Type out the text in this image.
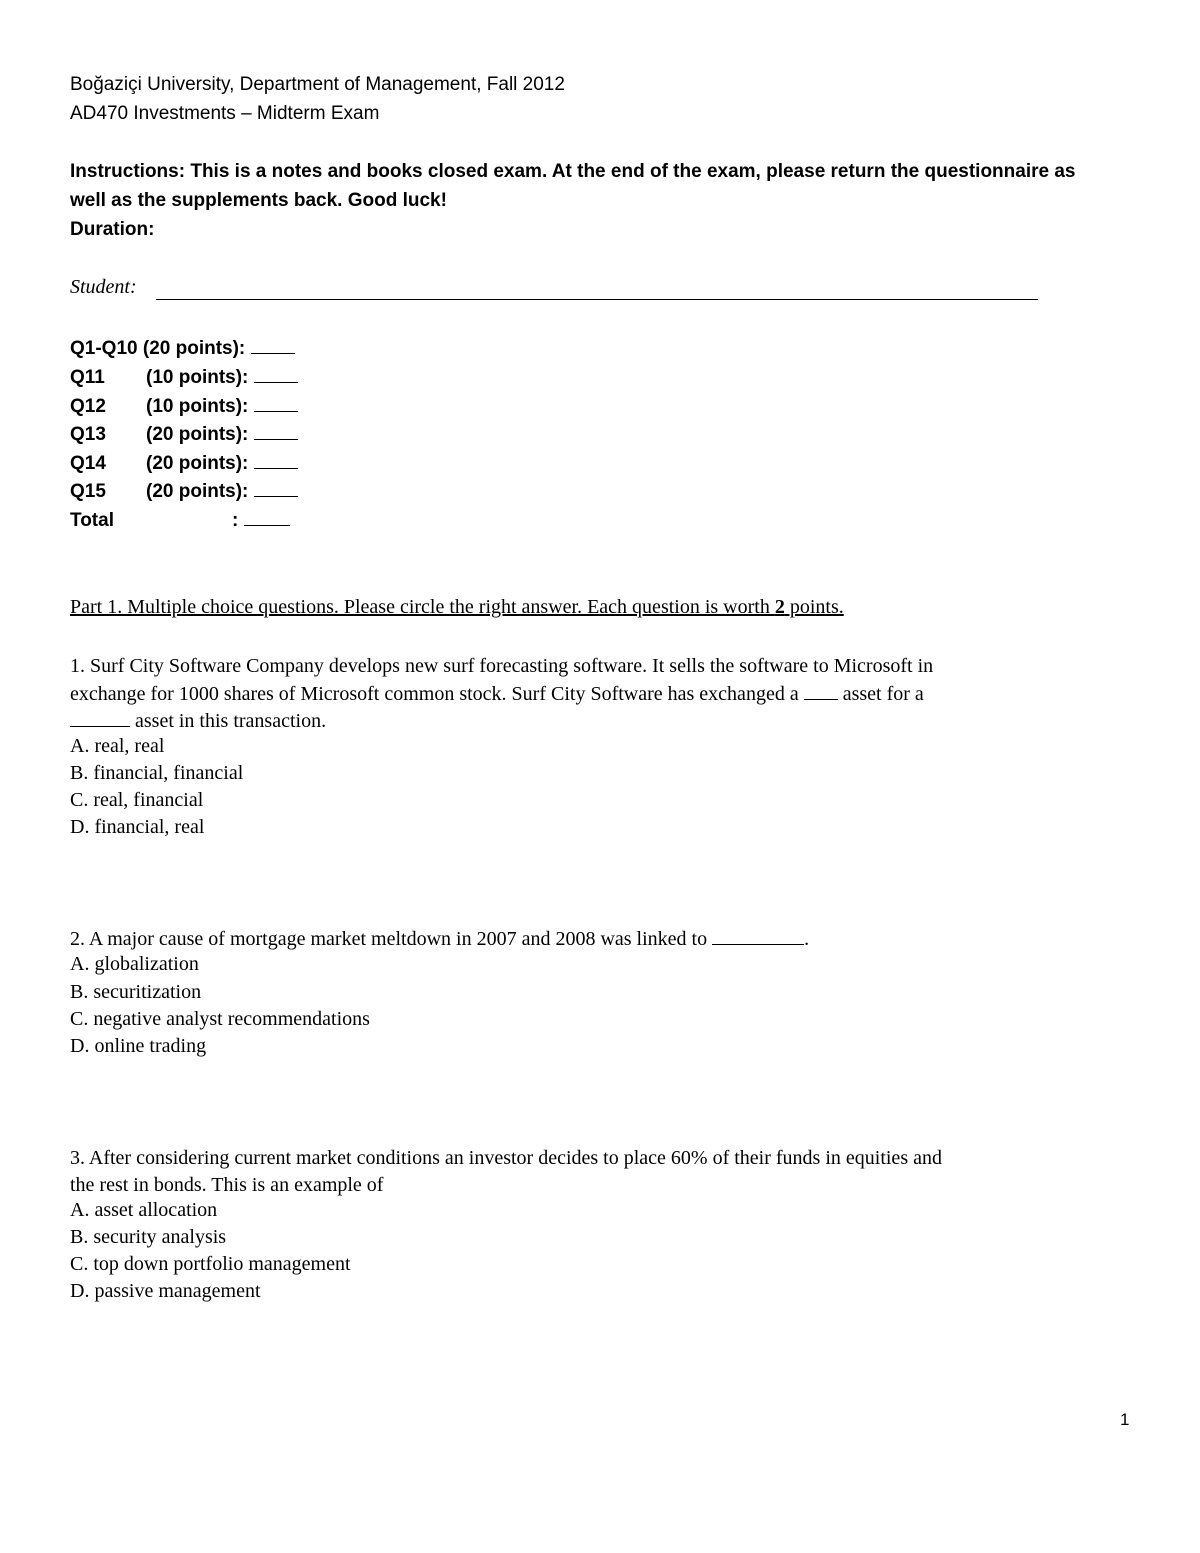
Boğaziçi University, Department of Management, Fall 2012
AD470 Investments – Midterm Exam
Instructions: This is a notes and books closed exam. At the end of the exam, please return the questionnaire as
well as the supplements back. Good luck!
Duration:
Student:
Q1-Q10 (20 points):
Q11 (10 points):
Q12 (10 points):
Q13 (20 points):
Q14 (20 points):
Q15 (20 points):
Total	:
Part 1. Multiple choice questions. Please circle the right answer. Each question is worth 2 points.
1. Surf City Software Company develops new surf forecasting software. It sells the software to Microsoft in
exchange for 1000 shares of Microsoft common stock. Surf City Software has exchanged a  asset for a
asset in this transaction.
A. real, real
B. financial, financial
C. real, financial
D. financial, real
2. A major cause of mortgage market meltdown in 2007 and 2008 was linked to	.
A. globalization
B. securitization
C. negative analyst recommendations
D. online trading
3. After considering current market conditions an investor decides to place 60% of their funds in equities and
the rest in bonds. This is an example of
A. asset allocation
B. security analysis
C. top down portfolio management
D. passive management
1
